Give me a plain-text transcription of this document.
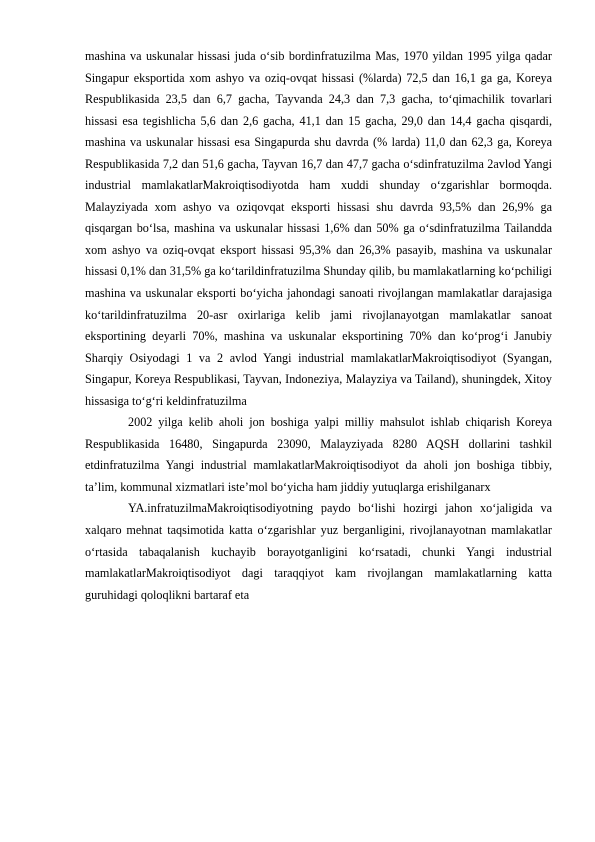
mashina va uskunalar hissasi juda oʻsib bordinfratuzilma Mas, 1970 yildan 1995 yilga qadar Singapur eksportida xom ashyo va oziq-ovqat hissasi (%larda) 72,5 dan 16,1 ga ga, Koreya Respublikasida 23,5 dan 6,7 gacha, Tayvanda 24,3 dan 7,3 gacha, toʻqimachilik tovarlari hissasi esa tegishlicha 5,6 dan 2,6 gacha, 41,1 dan 15 gacha, 29,0 dan 14,4 gacha qisqardi, mashina va uskunalar hissasi esa Singapurda shu davrda (% larda) 11,0 dan 62,3 ga, Koreya Respublikasida 7,2 dan 51,6 gacha, Tayvan 16,7 dan 47,7 gacha oʻsdinfratuzilma 2avlod Yangi industrial mamlakatlarMakroiqtisodiyotda ham xuddi shunday oʻzgarishlar bormoqda. Malayziyada xom ashyo va oziqovqat eksporti hissasi shu davrda 93,5% dan 26,9% ga qisqargan boʻlsa, mashina va uskunalar hissasi 1,6% dan 50% ga oʻsdinfratuzilma Tailandda xom ashyo va oziq-ovqat eksport hissasi 95,3% dan 26,3% pasayib, mashina va uskunalar hissasi 0,1% dan 31,5% ga koʻtarildinfratuzilma Shunday qilib, bu mamlakatlarning koʻpchiligi mashina va uskunalar eksporti boʻyicha jahondagi sanoati rivojlangan mamlakatlar darajasiga koʻtarildinfratuzilma 20-asr oxirlariga kelib jami rivojlanayotgan mamlakatlar sanoat eksportining deyarli 70%, mashina va uskunalar eksportining 70% dan koʻprogʻi Janubiy Sharqiy Osiyodagi 1 va 2 avlod Yangi industrial mamlakatlarMakroiqtisodiyot (Syangan, Singapur, Koreya Respublikasi, Tayvan, Indoneziya, Malayziya va Tailand), shuningdek, Xitoy hissasiga toʻgʻri keldinfratuzilma

2002 yilga kelib aholi jon boshiga yalpi milliy mahsulot ishlab chiqarish Koreya Respublikasida 16480, Singapurda 23090, Malayziyada 8280 AQSH dollarini tashkil etdinfratuzilma Yangi industrial mamlakatlarMakroiqtisodiyot da aholi jon boshiga tibbiy, taʼlim, kommunal xizmatlari isteʼmol boʻyicha ham jiddiy yutuqlarga erishilganarx

YA.infratuzilmaMakroiqtisodiyotning paydo boʻlishi hozirgi jahon xoʻjaligida va xalqaro mehnat taqsimotida katta oʻzgarishlar yuz berganligini, rivojlanayotnan mamlakatlar oʻrtasida tabaqalanish kuchayib borayotganligini koʻrsatadi, chunki Yangi industrial mamlakatlarMakroiqtisodiyot dagi taraqqiyot kam rivojlangan mamlakatlarning katta guruhidagi qoloqlikni bartaraf eta
